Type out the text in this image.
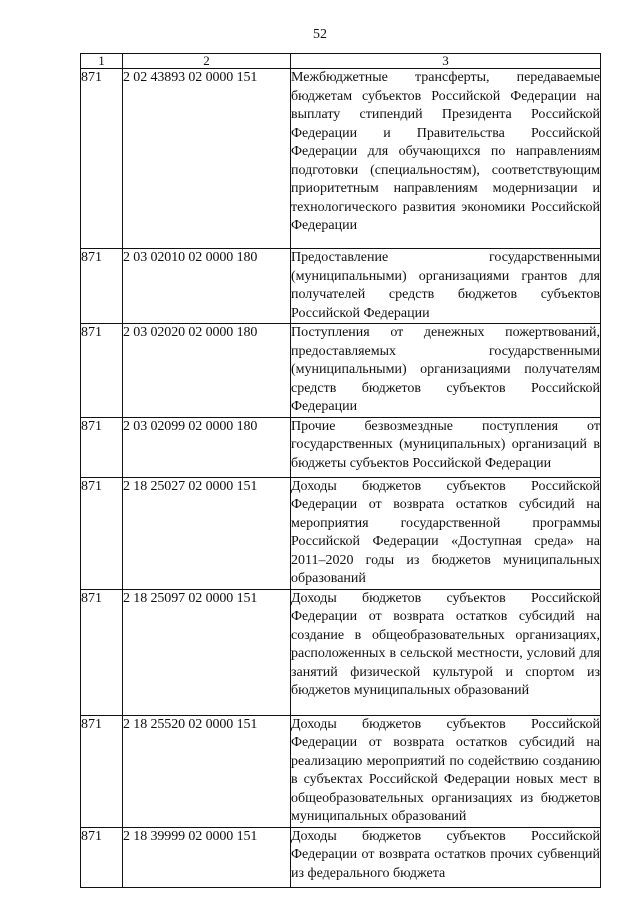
52
1	2	3
871	2 02 43893 02 0000 151	Межбюджетные трансферты, передаваемые бюджетам субъектов Российской Федерации на выплату стипендий Президента Российской Федерации и Правительства Российской Федерации для обучающихся по направлениям подготовки (специальностям), соответствующим приоритетным направлениям модернизации и технологического развития экономики Российской Федерации
871	2 03 02010 02 0000 180	Предоставление государственными (муниципальными) организациями грантов для получателей средств бюджетов субъектов Российской Федерации
871	2 03 02020 02 0000 180	Поступления от денежных пожертвований, предоставляемых государственными (муниципальными) организациями получателям средств бюджетов субъектов Российской Федерации
871	2 03 02099 02 0000 180	Прочие безвозмездные поступления от государственных (муниципальных) организаций в бюджеты субъектов Российской Федерации
871	2 18 25027 02 0000 151	Доходы бюджетов субъектов Российской Федерации от возврата остатков субсидий на мероприятия государственной программы Российской Федерации «Доступная среда» на 2011–2020 годы из бюджетов муниципальных образований
871	2 18 25097 02 0000 151	Доходы бюджетов субъектов Российской Федерации от возврата остатков субсидий на создание в общеобразовательных организациях, расположенных в сельской местности, условий для занятий физической культурой и спортом из бюджетов муниципальных образований
871	2 18 25520 02 0000 151	Доходы бюджетов субъектов Российской Федерации от возврата остатков субсидий на реализацию мероприятий по содействию созданию в субъектах Российской Федерации новых мест в общеобразовательных организациях из бюджетов муниципальных образований
871	2 18 39999 02 0000 151	Доходы бюджетов субъектов Российской Федерации от возврата остатков прочих субвенций из федерального бюджета
